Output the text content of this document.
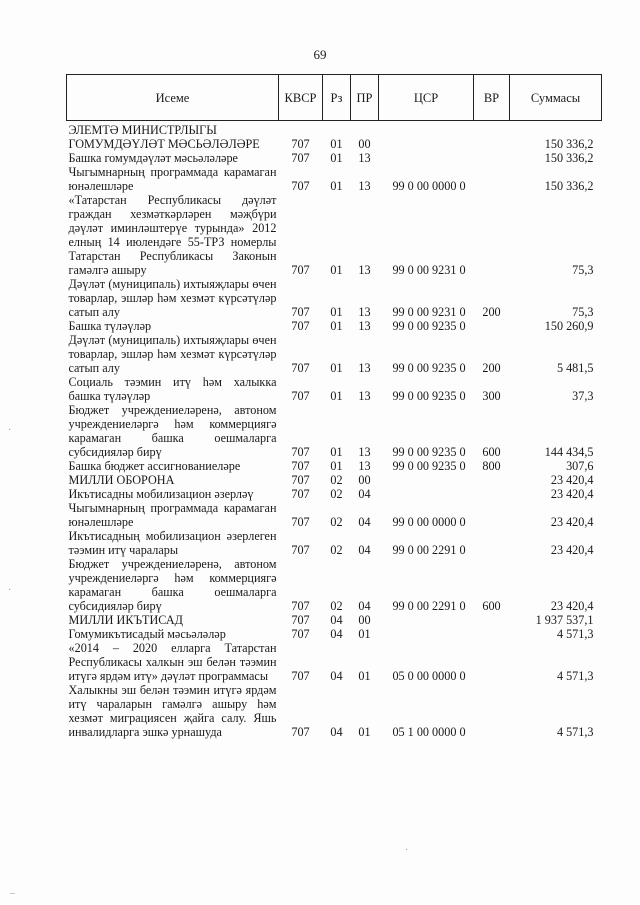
69
Исеме	КВСР	Рз	ПР	ЦСР	ВР	Суммасы
ЭЛЕМТӘ МИНИСТРЛЫГЫ						
ГОМУМДӘҮЛӘТ МӘСЬӘЛӘЛӘРЕ	707	01	00			150 336,2
Башка гомумдәүләт мәсьәләләре	707	01	13			150 336,2
Чыгымнарның программада карамаган юнәлешләре	707	01	13	99 0 00 0000 0		150 336,2
«Татарстан Республикасы дәүләт граждан хезмәткәрләрен мәҗбүри дәүләт иминләштерүе турында» 2012 елның 14 июлендәге 55-ТРЗ номерлы Татарстан Республикасы Законын гамәлгә ашыру	707	01	13	99 0 00 9231 0		75,3
Дәүләт (муниципаль) ихтыяҗлары өчен товарлар, эшләр һәм хезмәт күрсәтүләр сатып алу	707	01	13	99 0 00 9231 0	200	75,3
Башка түләүләр	707	01	13	99 0 00 9235 0		150 260,9
Дәүләт (муниципаль) ихтыяҗлары өчен товарлар, эшләр һәм хезмәт күрсәтүләр сатып алу	707	01	13	99 0 00 9235 0	200	5 481,5
Социаль тәэмин итү һәм халыкка башка түләүләр	707	01	13	99 0 00 9235 0	300	37,3
Бюджет учреждениеләренә, автоном учреждениеләргә һәм коммерциягә карамаган башка оешмаларга субсидияләр бирү	707	01	13	99 0 00 9235 0	600	144 434,5
Башка бюджет ассигнованиеләре	707	01	13	99 0 00 9235 0	800	307,6
МИЛЛИ ОБОРОНА	707	02	00			23 420,4
Икътисадны мобилизацион әзерләү	707	02	04			23 420,4
Чыгымнарның программада карамаган юнәлешләре	707	02	04	99 0 00 0000 0		23 420,4
Икътисадның мобилизацион әзерлеген тәэмин итү чаралары	707	02	04	99 0 00 2291 0		23 420,4
Бюджет учреждениеләренә, автоном учреждениеләргә һәм коммерциягә карамаган башка оешмаларга субсидияләр бирү	707	02	04	99 0 00 2291 0	600	23 420,4
МИЛЛИ ИКЪТИСАД	707	04	00			1 937 537,1
Гомумикътисадый мәсьәләләр	707	04	01			4 571,3
«2014 – 2020 елларга Татарстан Республикасы халкын эш белән тәэмин итүгә ярдәм итү» дәүләт программасы	707	04	01	05 0 00 0000 0		4 571,3
Халыкны эш белән тәэмин итүгә ярдәм итү чараларын гамәлгә ашыру һәм хезмәт миграциясен җайга салу. Яшь инвалидларга эшкә урнашуда	707	04	01	05 1 00 0000 0		4 571,3
·
·
·
–
